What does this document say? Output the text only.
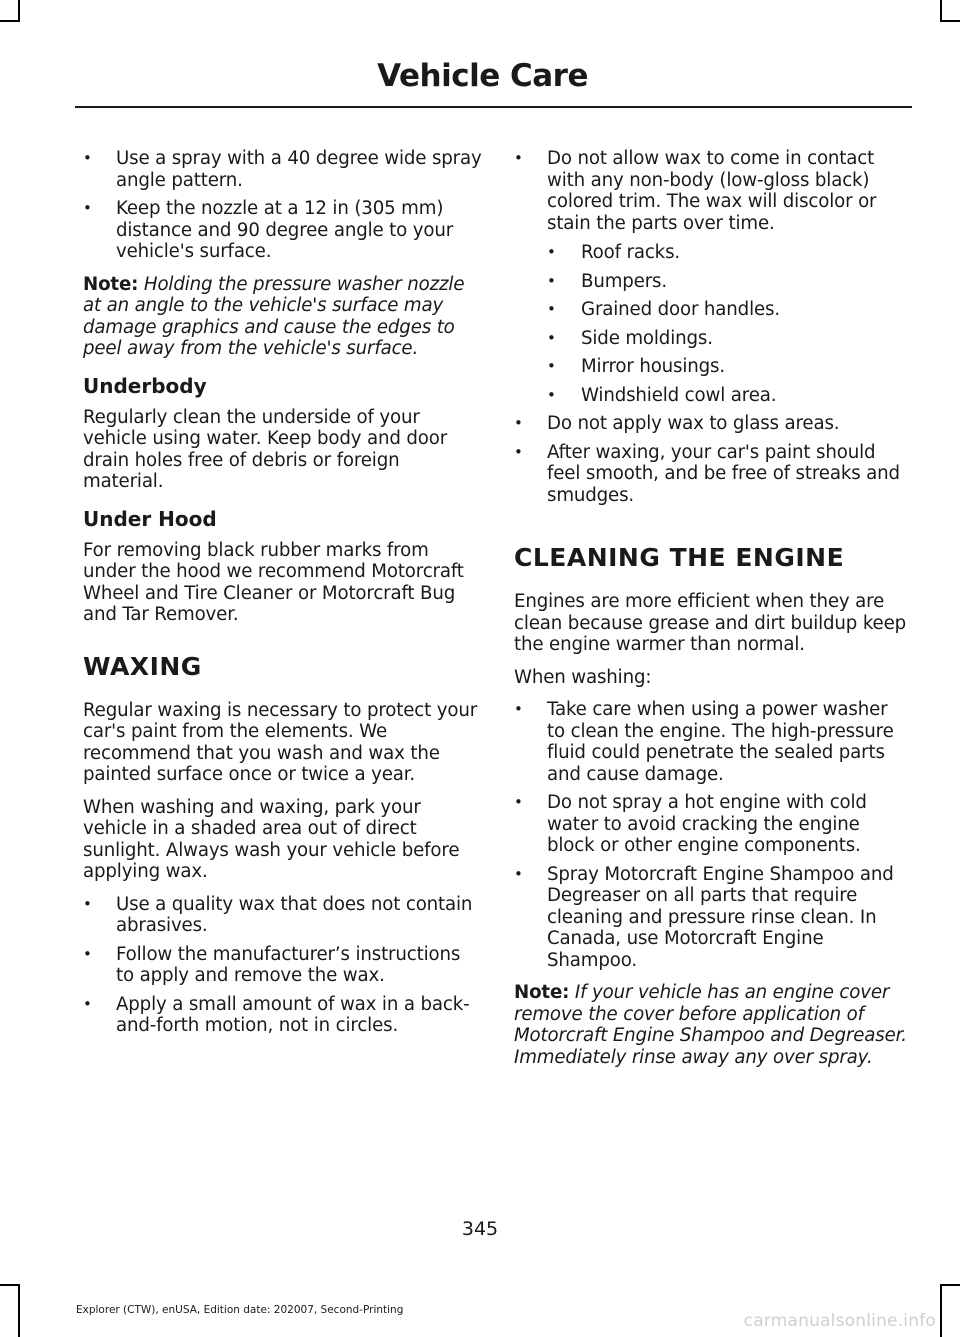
Vehicle Care
• Use a spray with a 40 degree wide spray angle pattern.
• Keep the nozzle at a 12 in (305 mm) distance and 90 degree angle to your vehicle's surface.

Note: Holding the pressure washer nozzle at an angle to the vehicle's surface may damage graphics and cause the edges to peel away from the vehicle's surface.

Underbody

Regularly clean the underside of your vehicle using water. Keep body and door drain holes free of debris or foreign material.

Under Hood

For removing black rubber marks from under the hood we recommend Motorcraft Wheel and Tire Cleaner or Motorcraft Bug and Tar Remover.

WAXING

Regular waxing is necessary to protect your car's paint from the elements. We recommend that you wash and wax the painted surface once or twice a year.

When washing and waxing, park your vehicle in a shaded area out of direct sunlight. Always wash your vehicle before applying wax.

• Use a quality wax that does not contain abrasives.
• Follow the manufacturer’s instructions to apply and remove the wax.
• Apply a small amount of wax in a back-and-forth motion, not in circles.
• Do not allow wax to come in contact with any non-body (low-gloss black) colored trim. The wax will discolor or stain the parts over time.
• Roof racks.
• Bumpers.
• Grained door handles.
• Side moldings.
• Mirror housings.
• Windshield cowl area.
• Do not apply wax to glass areas.
• After waxing, your car's paint should feel smooth, and be free of streaks and smudges.
CLEANING THE ENGINE

Engines are more efficient when they are clean because grease and dirt buildup keep the engine warmer than normal.

When washing:

• Take care when using a power washer to clean the engine. The high-pressure fluid could penetrate the sealed parts and cause damage.
• Do not spray a hot engine with cold water to avoid cracking the engine block or other engine components.
• Spray Motorcraft Engine Shampoo and Degreaser on all parts that require cleaning and pressure rinse clean. In Canada, use Motorcraft Engine Shampoo.

Note: If your vehicle has an engine cover remove the cover before application of Motorcraft Engine Shampoo and Degreaser. Immediately rinse away any over spray.

345
Explorer (CTW), enUSA, Edition date: 202007, Second-Printing
carmanualsonline.info
